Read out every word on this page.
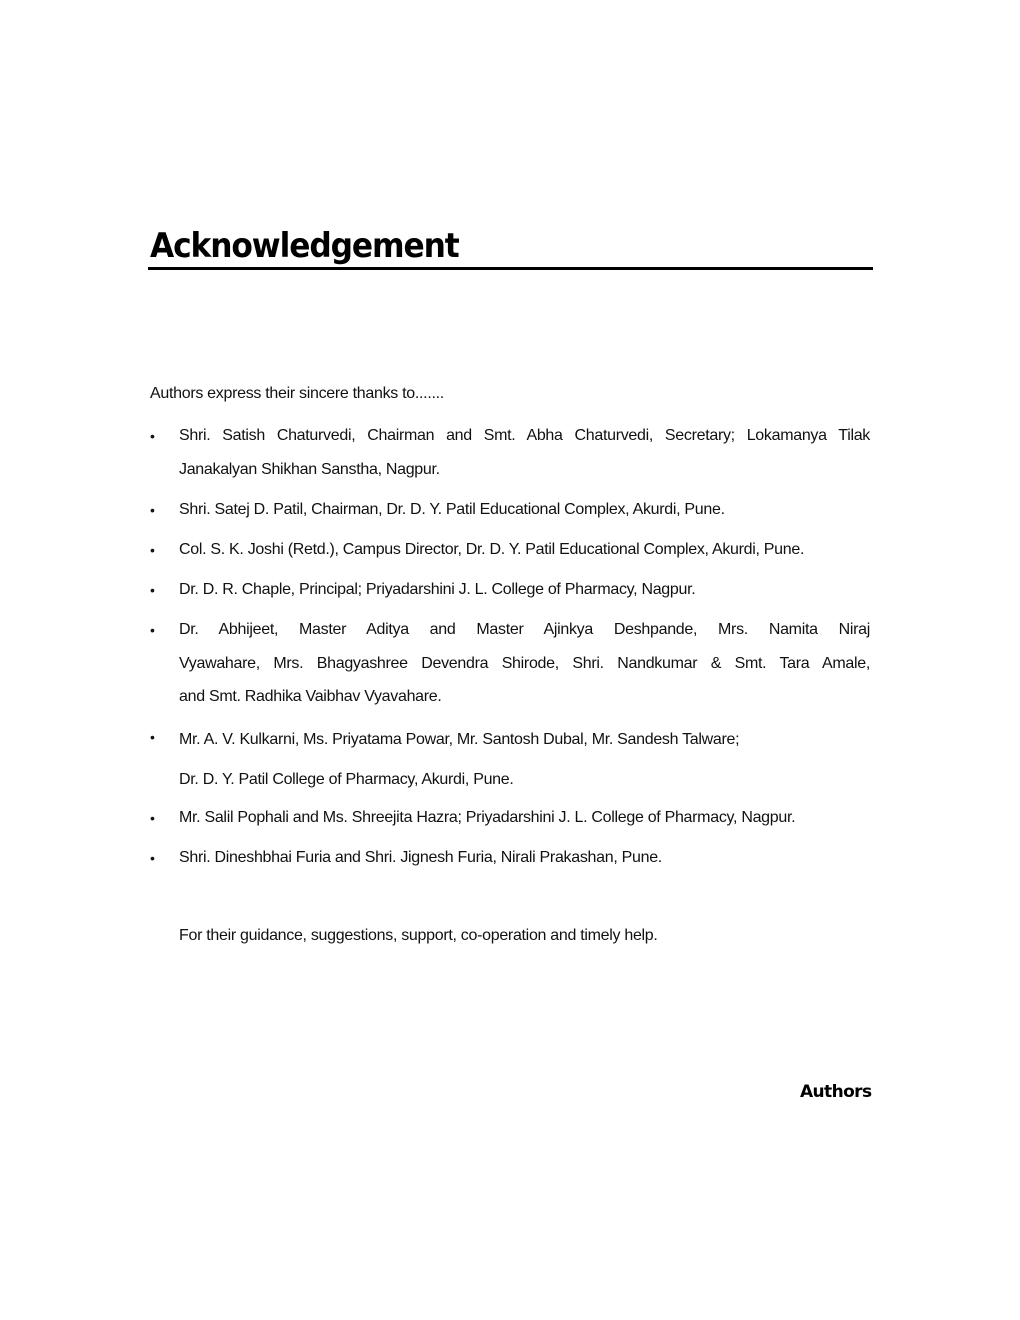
Acknowledgement
Authors express their sincere thanks to.......
•	Shri. Satish Chaturvedi, Chairman and Smt. Abha Chaturvedi, Secretary; Lokamanya Tilak
Janakalyan Shikhan Sanstha, Nagpur.
•	Shri. Satej D. Patil, Chairman, Dr. D. Y. Patil Educational Complex, Akurdi, Pune.
•	Col. S. K. Joshi (Retd.), Campus Director, Dr. D. Y. Patil Educational Complex, Akurdi, Pune.
•	Dr. D. R. Chaple, Principal; Priyadarshini J. L. College of Pharmacy, Nagpur.
•	Dr. Abhijeet, Master Aditya and Master Ajinkya Deshpande, Mrs. Namita Niraj
Vyawahare, Mrs. Bhagyashree Devendra Shirode, Shri. Nandkumar & Smt. Tara Amale,
and Smt. Radhika Vaibhav Vyavahare.
•	Mr. A. V. Kulkarni, Ms. Priyatama Powar, Mr. Santosh Dubal, Mr. Sandesh Talware;
Dr. D. Y. Patil College of Pharmacy, Akurdi, Pune.
•	Mr. Salil Pophali and Ms. Shreejita Hazra; Priyadarshini J. L. College of Pharmacy, Nagpur.
•	Shri. Dineshbhai Furia and Shri. Jignesh Furia, Nirali Prakashan, Pune.
For their guidance, suggestions, support, co-operation and timely help.
Authors
